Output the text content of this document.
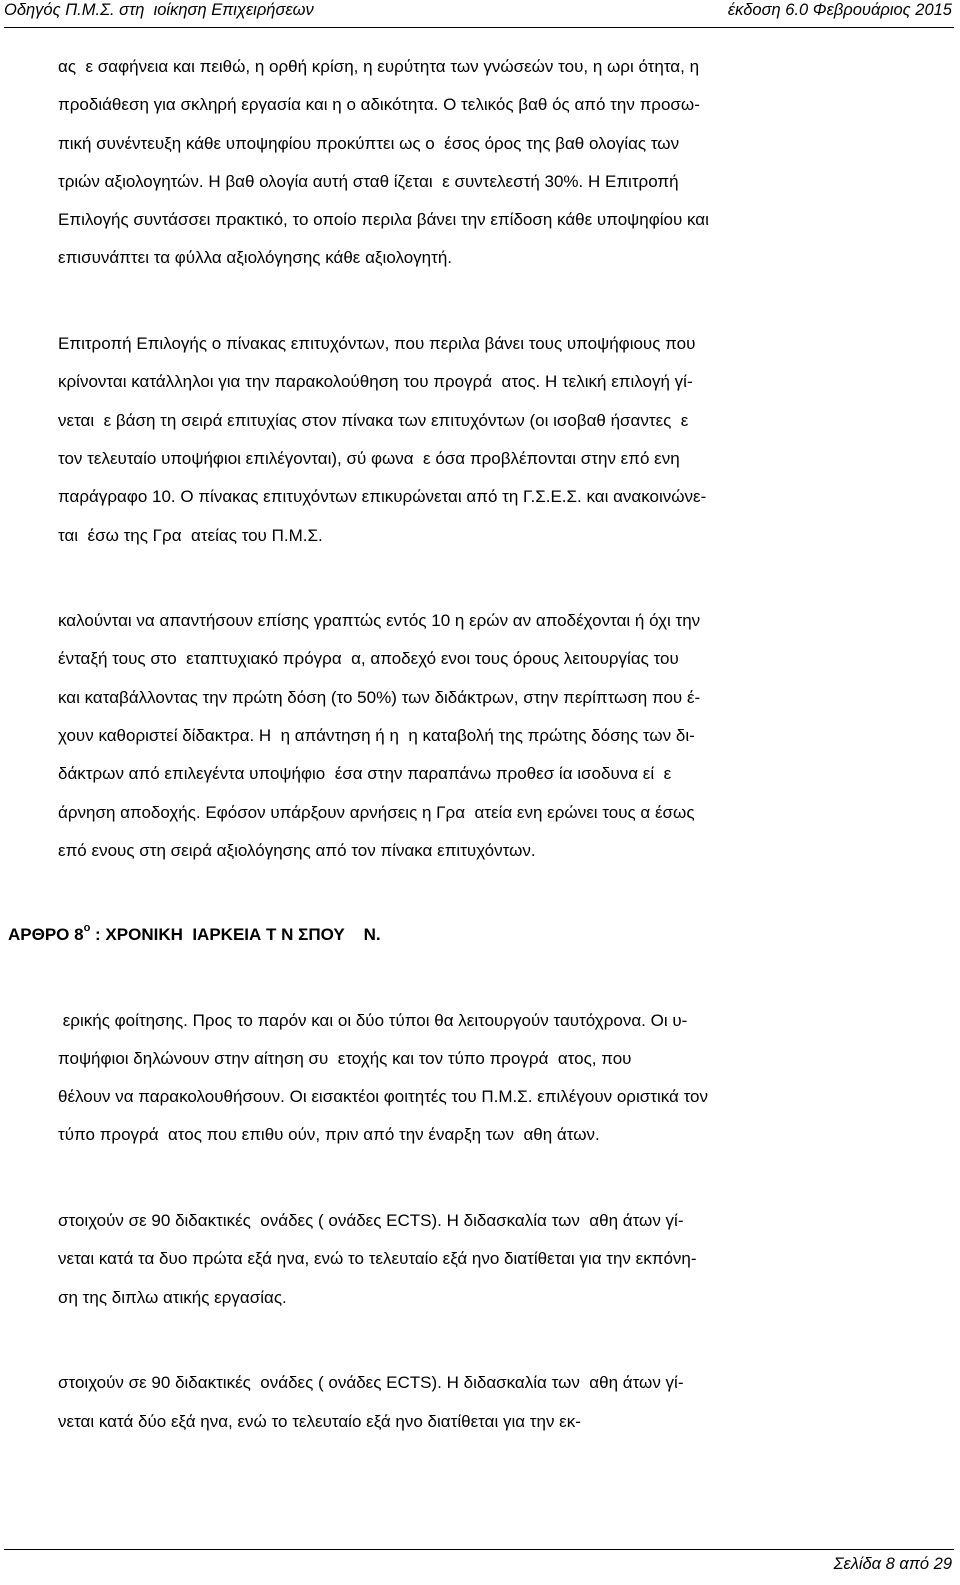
Οδηγός Π.Μ.Σ. στη  ιοίκηση Επιχειρήσεων	έκδοση 6.0 Φεβρουάριος 2015
ας  ε σαφήνεια και πειθώ, η ορθή κρίση, η ευρύτητα των γνώσεών του, η ωρι ότητα, η
προδιάθεση για σκληρή εργασία και η ο αδικότητα. Ο τελικός βαθ ός από την προσω-
πική συνέντευξη κάθε υποψηφίου προκύπτει ως ο  έσος όρος της βαθ ολογίας των
τριών αξιολογητών. Η βαθ ολογία αυτή σταθ ίζεται  ε συντελεστή 30%. Η Επιτροπή
Επιλογής συντάσσει πρακτικό, το οποίο περιλα βάνει την επίδοση κάθε υποψηφίου και
επισυνάπτει τα φύλλα αξιολόγησης κάθε αξιολογητή.

Επιτροπή Επιλογής ο πίνακας επιτυχόντων, που περιλα βάνει τους υποψήφιους που
κρίνονται κατάλληλοι για την παρακολούθηση του προγρά  ατος. Η τελική επιλογή γί-
νεται  ε βάση τη σειρά επιτυχίας στον πίνακα των επιτυχόντων (οι ισοβαθ ήσαντες  ε
τον τελευταίο υποψήφιοι επιλέγονται), σύ φωνα  ε όσα προβλέπονται στην επό ενη
παράγραφο 10. Ο πίνακας επιτυχόντων επικυρώνεται από τη Γ.Σ.Ε.Σ. και ανακοινώνε-
ται  έσω της Γρα  ατείας του Π.Μ.Σ.

καλούνται να απαντήσουν επίσης γραπτώς εντός 10 η ερών αν αποδέχονται ή όχι την
ένταξή τους στο  εταπτυχιακό πρόγρα  α, αποδεχό ενοι τους όρους λειτουργίας του
και καταβάλλοντας την πρώτη δόση (το 50%) των διδάκτρων, στην περίπτωση που έ-
χουν καθοριστεί δίδακτρα. Η  η απάντηση ή η  η καταβολή της πρώτης δόσης των δι-
δάκτρων από επιλεγέντα υποψήφιο  έσα στην παραπάνω προθεσ ία ισοδυνα εί  ε
άρνηση αποδοχής. Εφόσον υπάρξουν αρνήσεις η Γρα  ατεία ενη ερώνει τους α έσως
επό ενους στη σειρά αξιολόγησης από τον πίνακα επιτυχόντων.
ΑΡΘΡΟ $8^o$ : ΧΡΟΝΙΚΗ  ΙΑΡΚΕΙΑ Τ Ν ΣΠΟΥ    Ν.

ερικής φοίτησης. Προς το παρόν και οι δύο τύποι θα λειτουργούν ταυτόχρονα. Οι υ-
ποψήφιοι δηλώνουν στην αίτηση συ  ετοχής και τον τύπο προγρά  ατος, που
θέλουν να παρακολουθήσουν. Οι εισακτέοι φοιτητές του Π.Μ.Σ. επιλέγουν οριστικά τον
τύπο προγρά  ατος που επιθυ ούν, πριν από την έναρξη των  αθη άτων.

στοιχούν σε 90 διδακτικές  ονάδες ( ονάδες ECTS). Η διδασκαλία των  αθη άτων γί-
νεται κατά τα δυο πρώτα εξά ηνα, ενώ το τελευταίο εξά ηνο διατίθεται για την εκπόνη-
ση της διπλω ατικής εργασίας.

στοιχούν σε 90 διδακτικές  ονάδες ( ονάδες ECTS). Η διδασκαλία των  αθη άτων γί-
νεται κατά δύο εξά ηνα, ενώ το τελευταίο εξά ηνο διατίθεται για την εκ-
Σελίδα 8 από 29
